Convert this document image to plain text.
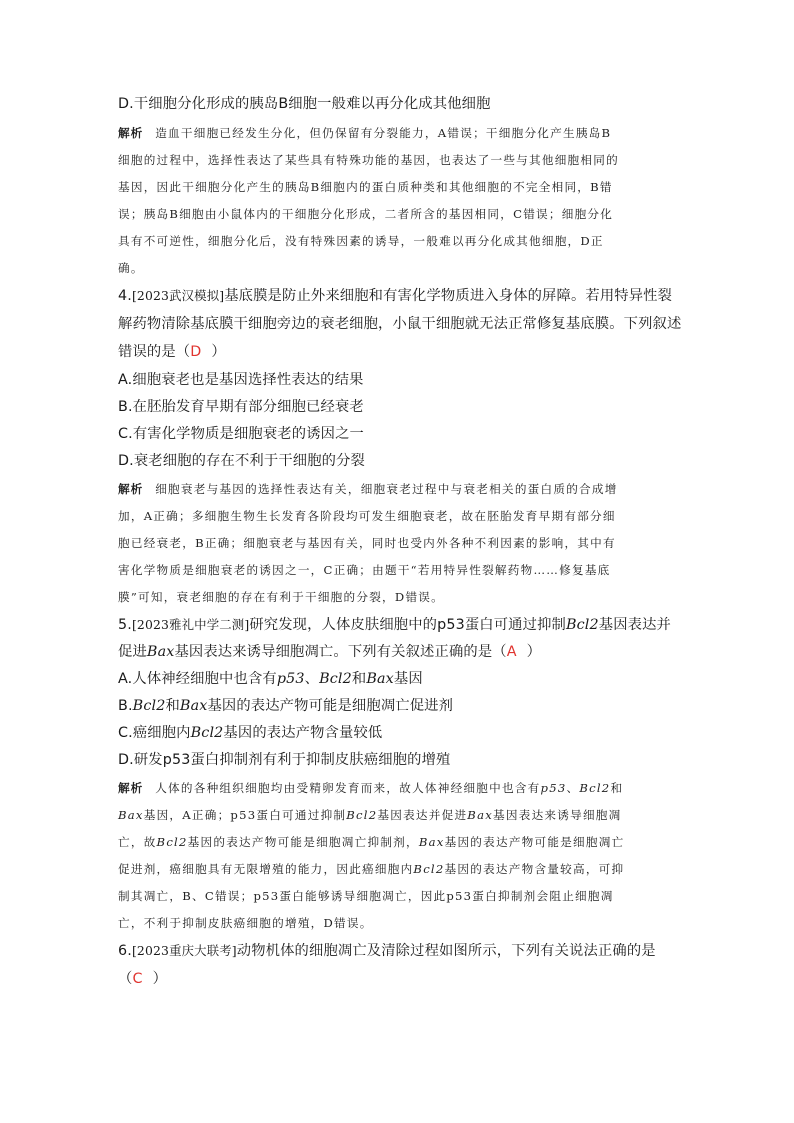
D.干细胞分化形成的胰岛B细胞一般难以再分化成其他细胞
解析 造血干细胞已经发生分化，但仍保留有分裂能力，A错误；干细胞分化产生胰岛B
细胞的过程中，选择性表达了某些具有特殊功能的基因，也表达了一些与其他细胞相同的
基因，因此干细胞分化产生的胰岛B细胞内的蛋白质种类和其他细胞的不完全相同，B错
误；胰岛B细胞由小鼠体内的干细胞分化形成，二者所含的基因相同，C错误；细胞分化
具有不可逆性，细胞分化后，没有特殊因素的诱导，一般难以再分化成其他细胞，D正
确。
4.[2023武汉模拟]基底膜是防止外来细胞和有害化学物质进入身体的屏障。若用特异性裂
解药物清除基底膜干细胞旁边的衰老细胞，小鼠干细胞就无法正常修复基底膜。下列叙述
错误的是（D ）
A.细胞衰老也是基因选择性表达的结果
B.在胚胎发育早期有部分细胞已经衰老
C.有害化学物质是细胞衰老的诱因之一
D.衰老细胞的存在不利于干细胞的分裂
解析 细胞衰老与基因的选择性表达有关，细胞衰老过程中与衰老相关的蛋白质的合成增
加，A正确；多细胞生物生长发育各阶段均可发生细胞衰老，故在胚胎发育早期有部分细
胞已经衰老，B正确；细胞衰老与基因有关，同时也受内外各种不利因素的影响，其中有
害化学物质是细胞衰老的诱因之一，C正确；由题干“若用特异性裂解药物……修复基底
膜”可知，衰老细胞的存在有利于干细胞的分裂，D错误。
5.[2023雅礼中学二测]研究发现，人体皮肤细胞中的p53蛋白可通过抑制Bcl2基因表达并
促进Bax基因表达来诱导细胞凋亡。下列有关叙述正确的是（A ）
A.人体神经细胞中也含有p53、Bcl2和Bax基因
B.Bcl2和Bax基因的表达产物可能是细胞凋亡促进剂
C.癌细胞内Bcl2基因的表达产物含量较低
D.研发p53蛋白抑制剂有利于抑制皮肤癌细胞的增殖
解析 人体的各种组织细胞均由受精卵发育而来，故人体神经细胞中也含有p53、Bcl2和
Bax基因，A正确；p53蛋白可通过抑制Bcl2基因表达并促进Bax基因表达来诱导细胞凋
亡，故Bcl2基因的表达产物可能是细胞凋亡抑制剂，Bax基因的表达产物可能是细胞凋亡
促进剂，癌细胞具有无限增殖的能力，因此癌细胞内Bcl2基因的表达产物含量较高，可抑
制其凋亡，B、C错误；p53蛋白能够诱导细胞凋亡，因此p53蛋白抑制剂会阻止细胞凋
亡，不利于抑制皮肤癌细胞的增殖，D错误。
6.[2023重庆大联考]动物机体的细胞凋亡及清除过程如图所示，下列有关说法正确的是
（C ）
